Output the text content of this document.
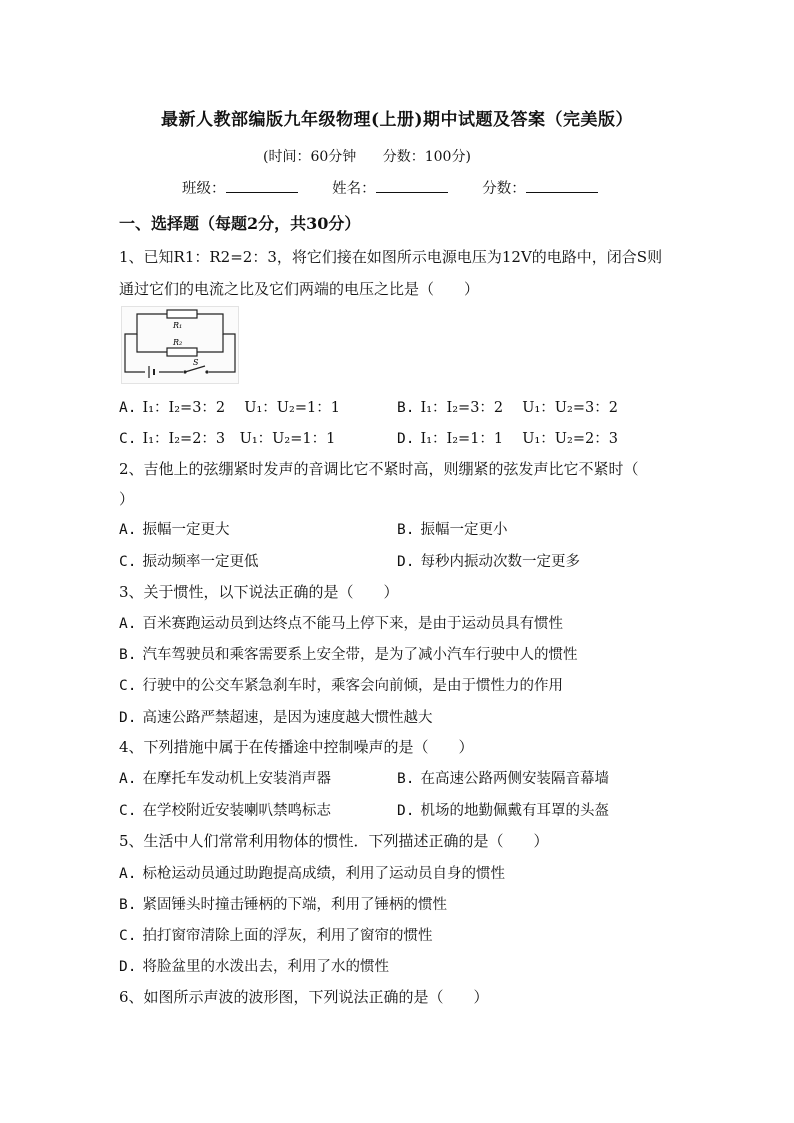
最新人教部编版九年级物理(上册)期中试题及答案（完美版）
(时间：60分钟 分数：100分)
班级：	姓名：	分数：
一、选择题（每题2分，共30分）
1、已知R1：R2=2：3，将它们接在如图所示电源电压为12V的电路中，闭合S则
通过它们的电流之比及它们两端的电压之比是（　　）
R₁
R₂
S
A. I₁：I₂=3：2　 U₁：U₂=1：1	B. I₁：I₂=3：2　 U₁：U₂=3：2
C. I₁：I₂=2：3　U₁：U₂=1：1	D. I₁：I₂=1：1　 U₁：U₂=2：3
2、吉他上的弦绷紧时发声的音调比它不紧时高，则绷紧的弦发声比它不紧时（
）
A. 振幅一定更大	B. 振幅一定更小
C. 振动频率一定更低	D. 每秒内振动次数一定更多
3、关于惯性，以下说法正确的是（　　）
A. 百米赛跑运动员到达终点不能马上停下来，是由于运动员具有惯性
B. 汽车驾驶员和乘客需要系上安全带，是为了减小汽车行驶中人的惯性
C. 行驶中的公交车紧急刹车时，乘客会向前倾，是由于惯性力的作用
D. 高速公路严禁超速，是因为速度越大惯性越大
4、下列措施中属于在传播途中控制噪声的是（　　）
A. 在摩托车发动机上安装消声器	B. 在高速公路两侧安装隔音幕墙
C. 在学校附近安装喇叭禁鸣标志	D. 机场的地勤佩戴有耳罩的头盔
5、生活中人们常常利用物体的惯性．下列描述正确的是（　　）
A. 标枪运动员通过助跑提高成绩，利用了运动员自身的惯性
B. 紧固锤头时撞击锤柄的下端，利用了锤柄的惯性
C. 拍打窗帘清除上面的浮灰，利用了窗帘的惯性
D. 将脸盆里的水泼出去，利用了水的惯性
6、如图所示声波的波形图，下列说法正确的是（　　）
